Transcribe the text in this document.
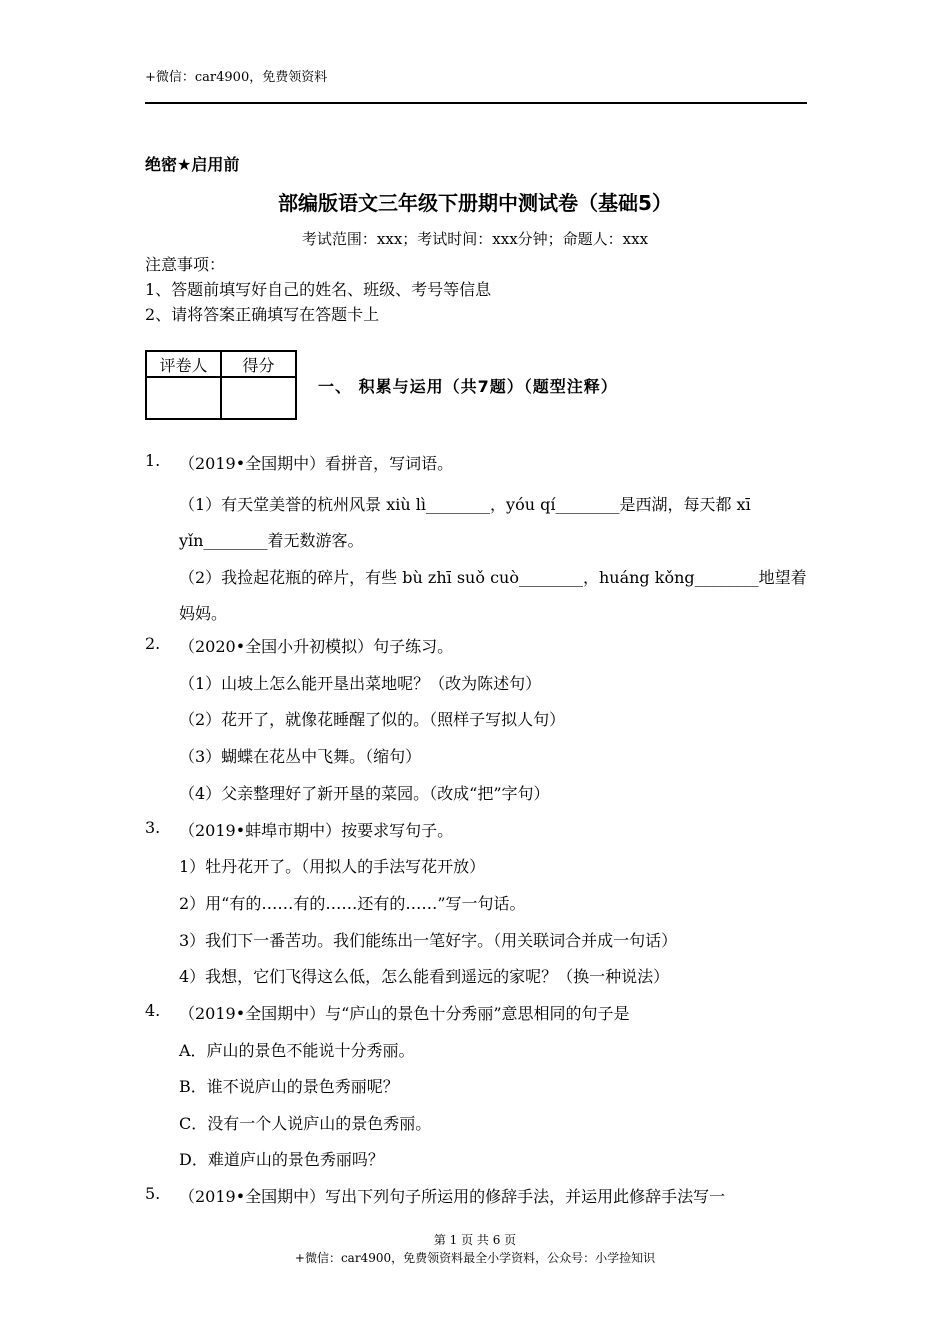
+微信：car4900，免费领资料
绝密★启用前
部编版语文三年级下册期中测试卷（基础5）
考试范围：xxx；考试时间：xxx分钟；命题人：xxx
注意事项：
1、答题前填写好自己的姓名、班级、考号等信息
2、请将答案正确填写在答题卡上
评卷人	得分

一、 积累与运用（共7题）（题型注释）
1. （2019•全国期中）看拼音，写词语。
（1）有天堂美誉的杭州风景 xiù lì________，yóu qí________是西湖，每天都 xī yǐn________着无数游客。
（2）我捡起花瓶的碎片，有些 bù zhī suǒ cuò________，huáng kǒng________地望着妈妈。
2. （2020•全国小升初模拟）句子练习。
（1）山坡上怎么能开垦出菜地呢？（改为陈述句）
（2）花开了，就像花睡醒了似的。（照样子写拟人句）
（3）蝴蝶在花丛中飞舞。（缩句）
（4）父亲整理好了新开垦的菜园。（改成“把”字句）
3. （2019•蚌埠市期中）按要求写句子。
1）牡丹花开了。（用拟人的手法写花开放）
2）用“有的……有的……还有的……”写一句话。
3）我们下一番苦功。我们能练出一笔好字。（用关联词合并成一句话）
4）我想，它们飞得这么低，怎么能看到遥远的家呢？（换一种说法）
4. （2019•全国期中）与“庐山的景色十分秀丽”意思相同的句子是
A．庐山的景色不能说十分秀丽。
B．谁不说庐山的景色秀丽呢？
C．没有一个人说庐山的景色秀丽。
D．难道庐山的景色秀丽吗？
5. （2019•全国期中）写出下列句子所运用的修辞手法，并运用此修辞手法写一
第 1 页 共 6 页
+微信：car4900，免费领资料最全小学资料，公众号：小学捡知识
